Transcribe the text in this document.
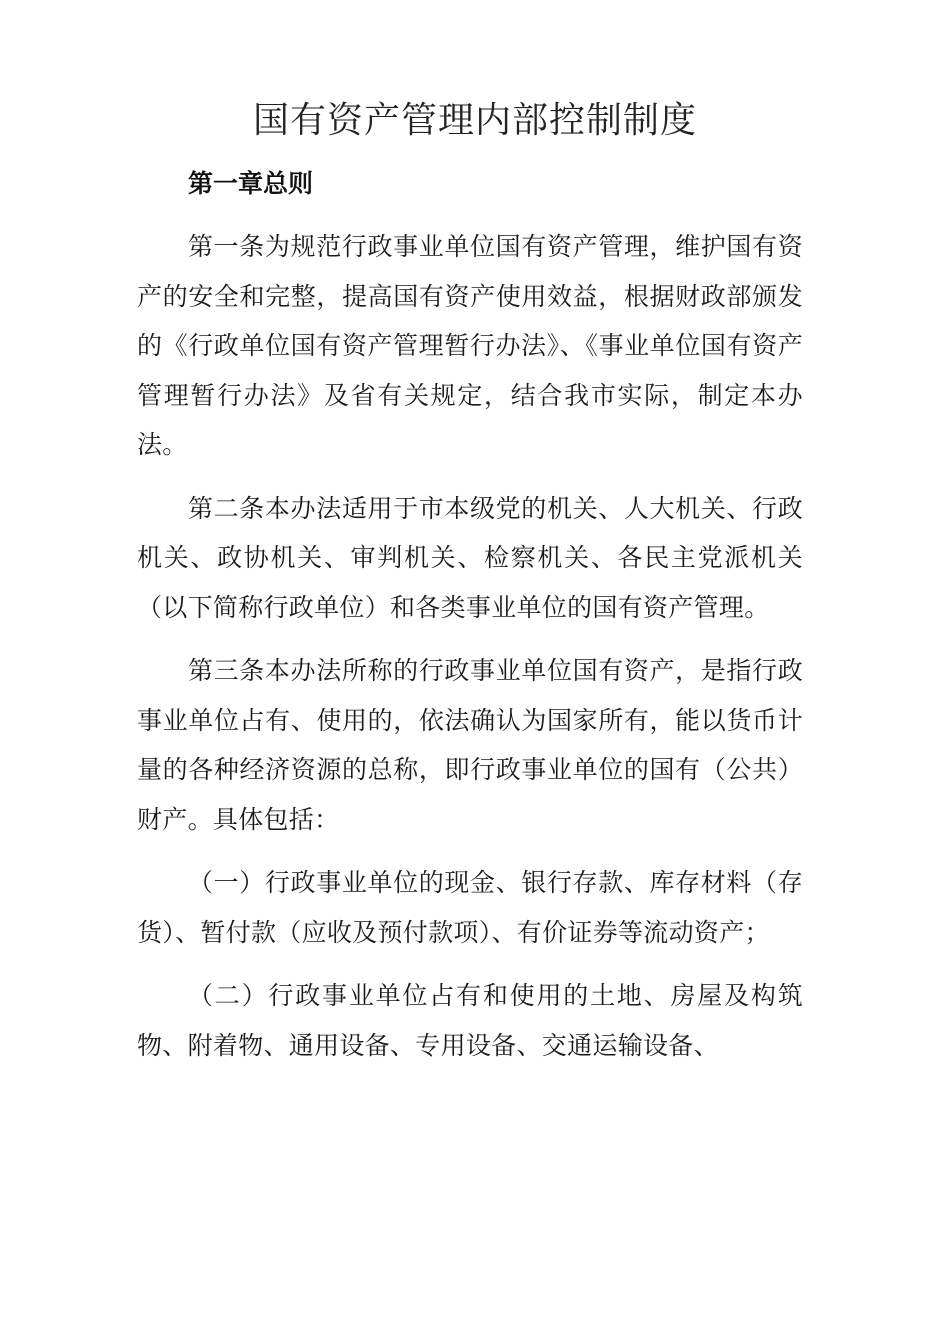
国有资产管理内部控制制度
第一章总则

第一条为规范行政事业单位国有资产管理，维护国有资产的安全和完整，提高国有资产使用效益，根据财政部颁发的《行政单位国有资产管理暂行办法》、《事业单位国有资产管理暂行办法》及省有关规定，结合我市实际，制定本办法。

第二条本办法适用于市本级党的机关、人大机关、行政机关、政协机关、审判机关、检察机关、各民主党派机关（以下简称行政单位）和各类事业单位的国有资产管理。

第三条本办法所称的行政事业单位国有资产，是指行政事业单位占有、使用的，依法确认为国家所有，能以货币计量的各种经济资源的总称，即行政事业单位的国有（公共）财产。具体包括：

（一）行政事业单位的现金、银行存款、库存材料（存货）、暂付款（应收及预付款项）、有价证券等流动资产；

（二）行政事业单位占有和使用的土地、房屋及构筑物、附着物、通用设备、专用设备、交通运输设备、
